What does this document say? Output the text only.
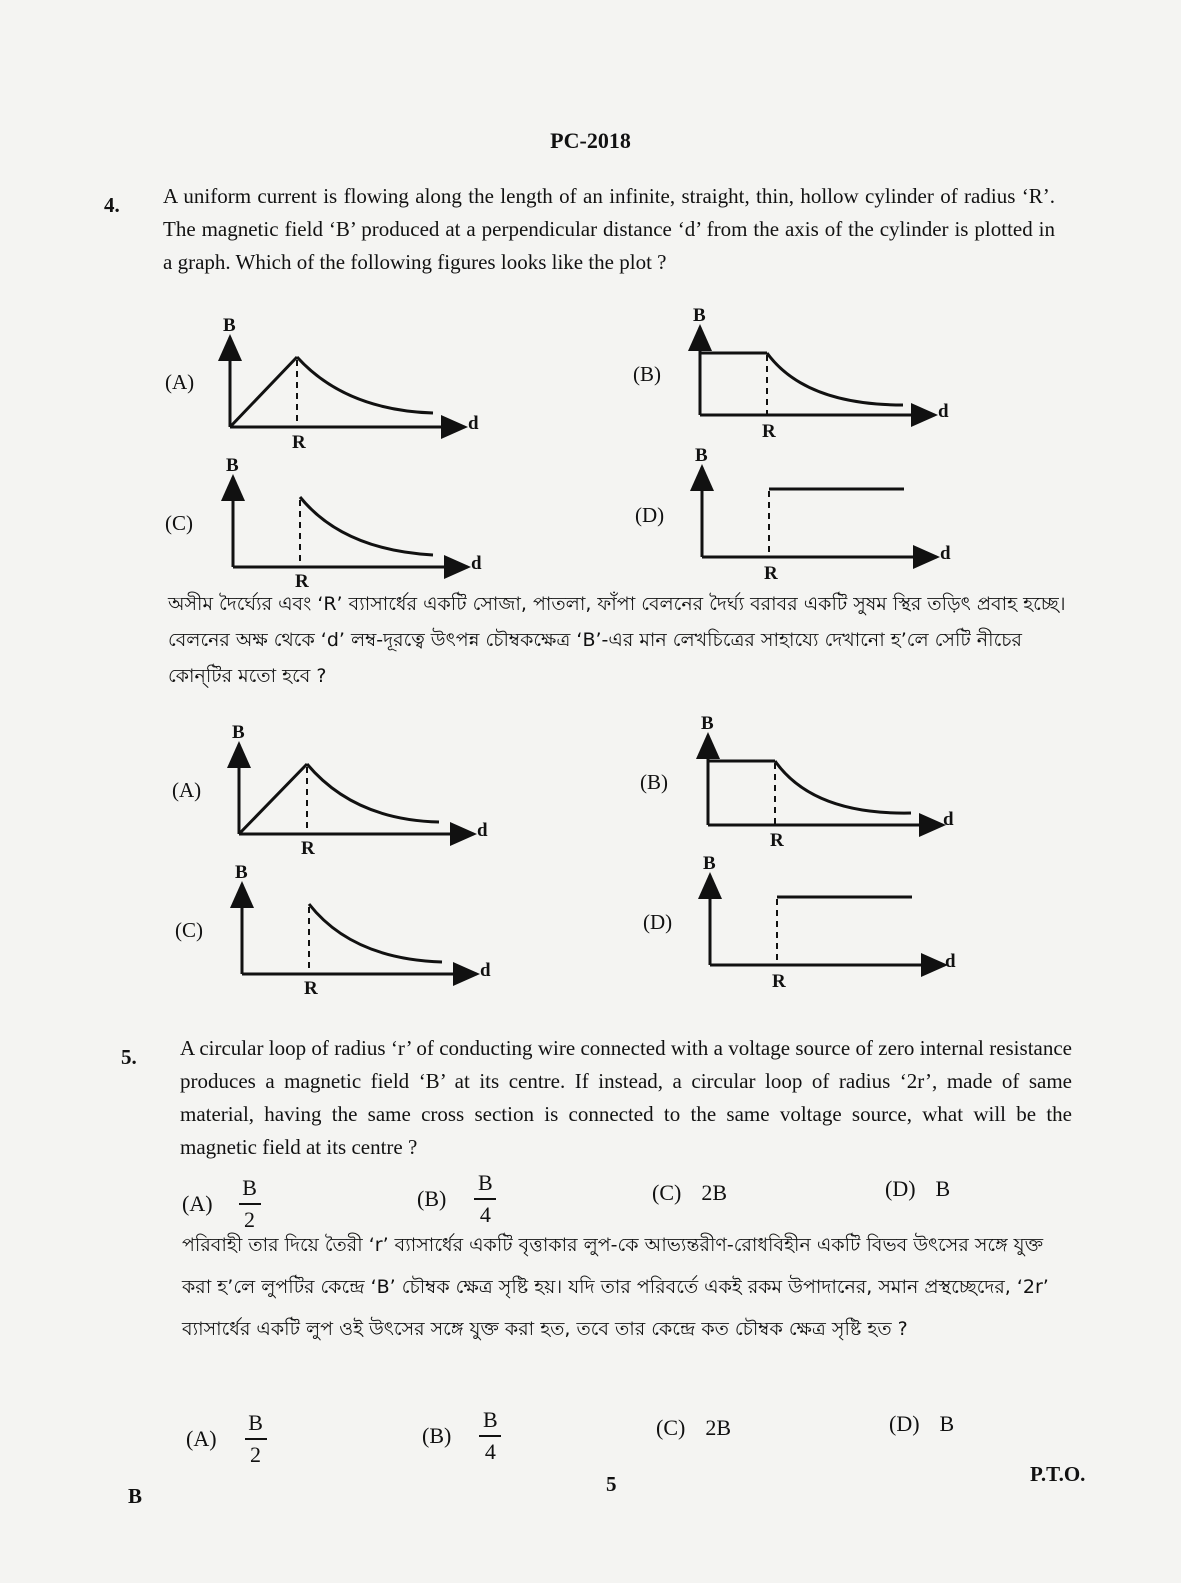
PC-2018
4. A uniform current is flowing along the length of an infinite, straight, thin, hollow cylinder of radius ‘R’. The magnetic field ‘B’ produced at a perpendicular distance ‘d’ from the axis of the cylinder is plotted in a graph. Which of the following figures looks like the plot ?
(A)
B
d
R
(B)
B
d
R
(C)
B
d
R
(D)
B
d
R
অসীম দৈর্ঘ্যের এবং ‘R’ ব্যাসার্ধের একটি সোজা, পাতলা, ফাঁপা বেলনের দৈর্ঘ্য বরাবর একটি সুষম স্থির তড়িৎ প্রবাহ হচ্ছে। বেলনের অক্ষ থেকে ‘d’ লম্ব-দূরত্বে উৎপন্ন চৌম্বকক্ষেত্র ‘B’-এর মান লেখচিত্রের সাহায্যে দেখানো হ’লে সেটি নীচের কোন্‌টির মতো হবে ?
(A)
B
d
R
(B)
B
d
R
(C)
B
d
R
(D)
B
d
R
5. A circular loop of radius ‘r’ of conducting wire connected with a voltage source of zero internal resistance produces a magnetic field ‘B’ at its centre. If instead, a circular loop of radius ‘2r’, made of same material, having the same cross section is connected to the same voltage source, what will be the magnetic field at its centre ?
$(A) \frac{B}{2}$	$(B) \frac{B}{4}$	(C) 2B	(D) B
পরিবাহী তার দিয়ে তৈরী ‘r’ ব্যাসার্ধের একটি বৃত্তাকার লুপ-কে আভ্যন্তরীণ-রোধবিহীন একটি বিভব উৎসের সঙ্গে যুক্ত করা হ’লে লুপটির কেন্দ্রে ‘B’ চৌম্বক ক্ষেত্র সৃষ্টি হয়। যদি তার পরিবর্তে একই রকম উপাদানের, সমান প্রস্থচ্ছেদের, ‘2r’ ব্যাসার্ধের একটি লুপ ওই উৎসের সঙ্গে যুক্ত করা হত, তবে তার কেন্দ্রে কত চৌম্বক ক্ষেত্র সৃষ্টি হত ?
$(A) \frac{B}{2}$	$(B) \frac{B}{4}$	(C) 2B	(D) B
B	5	P.T.O.
